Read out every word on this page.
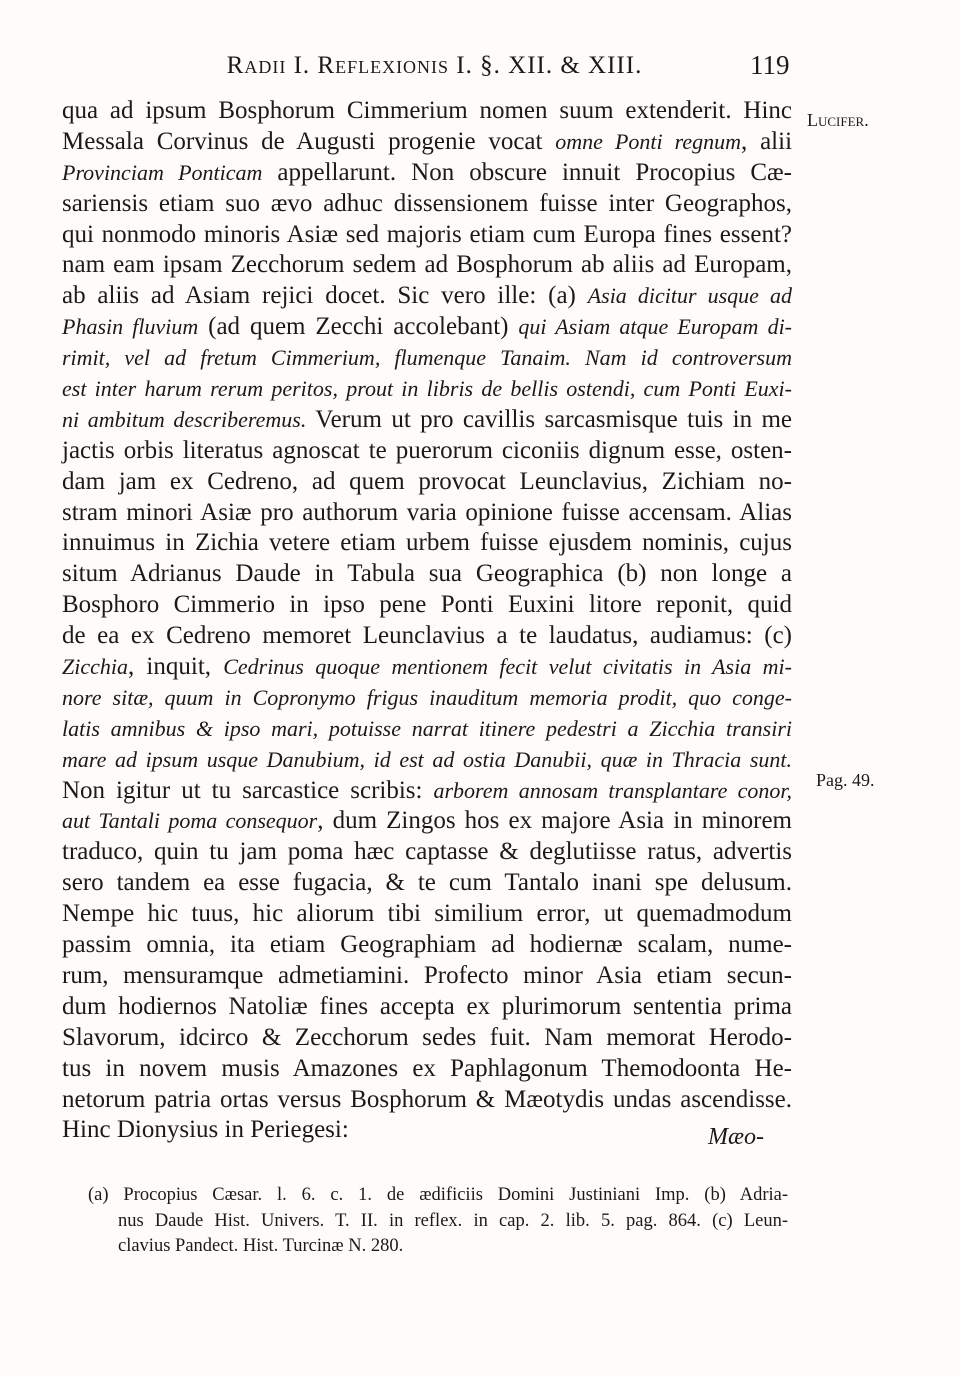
Radii I. Reflexionis I. §. XII. & XIII.	119
qua ad ipsum Bosphorum Cimmerium nomen suum extenderit. Hinc
Messala Corvinus de Augusti progenie vocat omne Ponti regnum, alii
Provinciam Ponticam appellarunt. Non obscure innuit Procopius Cæ-
sariensis etiam suo ævo adhuc dissensionem fuisse inter Geographos,
qui nonmodo minoris Asiæ sed majoris etiam cum Europa fines essent?
nam eam ipsam Zecchorum sedem ad Bosphorum ab aliis ad Europam,
ab aliis ad Asiam rejici docet. Sic vero ille: (a) Asia dicitur usque ad
Phasin fluvium (ad quem Zecchi accolebant) qui Asiam atque Europam di-
rimit, vel ad fretum Cimmerium, flumenque Tanaim. Nam id controversum
est inter harum rerum peritos, prout in libris de bellis ostendi, cum Ponti Euxi-
ni ambitum describeremus. Verum ut pro cavillis sarcasmisque tuis in me
jactis orbis literatus agnoscat te puerorum ciconiis dignum esse, osten-
dam jam ex Cedreno, ad quem provocat Leunclavius, Zichiam no-
stram minori Asiæ pro authorum varia opinione fuisse accensam. Alias
innuimus in Zichia vetere etiam urbem fuisse ejusdem nominis, cujus
situm Adrianus Daude in Tabula sua Geographica (b) non longe a
Bosphoro Cimmerio in ipso pene Ponti Euxini litore reponit, quid
de ea ex Cedreno memoret Leunclavius a te laudatus, audiamus: (c)
Zicchia, inquit, Cedrinus quoque mentionem fecit velut civitatis in Asia mi-
nore sitæ, quum in Copronymo frigus inauditum memoria prodit, quo conge-
latis amnibus & ipso mari, potuisse narrat itinere pedestri a Zicchia transiri
mare ad ipsum usque Danubium, id est ad ostia Danubii, quæ in Thracia sunt.
Non igitur ut tu sarcastice scribis: arborem annosam transplantare conor,
aut Tantali poma consequor, dum Zingos hos ex majore Asia in minorem
traduco, quin tu jam poma hæc captasse & deglutiisse ratus, advertis
sero tandem ea esse fugacia, & te cum Tantalo inani spe delusum.
Nempe hic tuus, hic aliorum tibi similium error, ut quemadmodum
passim omnia, ita etiam Geographiam ad hodiernæ scalam, nume-
rum, mensuramque admetiamini. Profecto minor Asia etiam secun-
dum hodiernos Natoliæ fines accepta ex plurimorum sententia prima
Slavorum, idcirco & Zecchorum sedes fuit. Nam memorat Herodo-
tus in novem musis Amazones ex Paphlagonum Themodoonta He-
netorum patria ortas versus Bosphorum & Mæotydis undas ascendisse.
Hinc Dionysius in Periegesi:
Lucifer.
Pag. 49.
Mæo-
(a) Procopius Cæsar. l. 6. c. 1. de ædificiis Domini Justiniani Imp. (b) Adria-
nus Daude Hist. Univers. T. II. in reflex. in cap. 2. lib. 5. pag. 864. (c) Leun-
clavius Pandect. Hist. Turcinæ N. 280.
